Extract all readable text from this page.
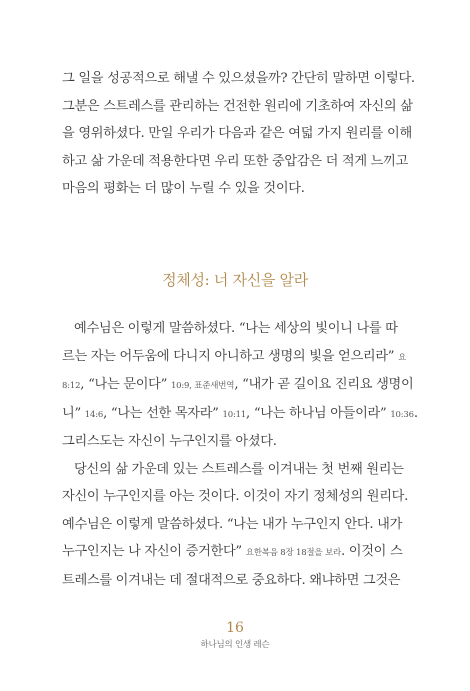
그 일을 성공적으로 해낼 수 있으셨을까? 간단히 말하면 이렇다.
그분은 스트레스를 관리하는 건전한 원리에 기초하여 자신의 삶
을 영위하셨다. 만일 우리가 다음과 같은 여덟 가지 원리를 이해
하고 삶 가운데 적용한다면 우리 또한 중압감은 더 적게 느끼고
마음의 평화는 더 많이 누릴 수 있을 것이다.
정체성: 너 자신을 알라
예수님은 이렇게 말씀하셨다. “나는 세상의 빛이니 나를 따
르는 자는 어두움에 다니지 아니하고 생명의 빛을 얻으리라” 요
8:12, “나는 문이다” 10:9, 표준새번역, “내가 곧 길이요 진리요 생명이
니” 14:6, “나는 선한 목자라” 10:11, “나는 하나님 아들이라” 10:36.
그리스도는 자신이 누구인지를 아셨다.
당신의 삶 가운데 있는 스트레스를 이겨내는 첫 번째 원리는
자신이 누구인지를 아는 것이다. 이것이 자기 정체성의 원리다.
예수님은 이렇게 말씀하셨다. “나는 내가 누구인지 안다. 내가
누구인지는 나 자신이 증거한다” 요한복음 8장 18절을 보라. 이것이 스
트레스를 이겨내는 데 절대적으로 중요하다. 왜냐하면 그것은
16
하나님의 인생 레슨
